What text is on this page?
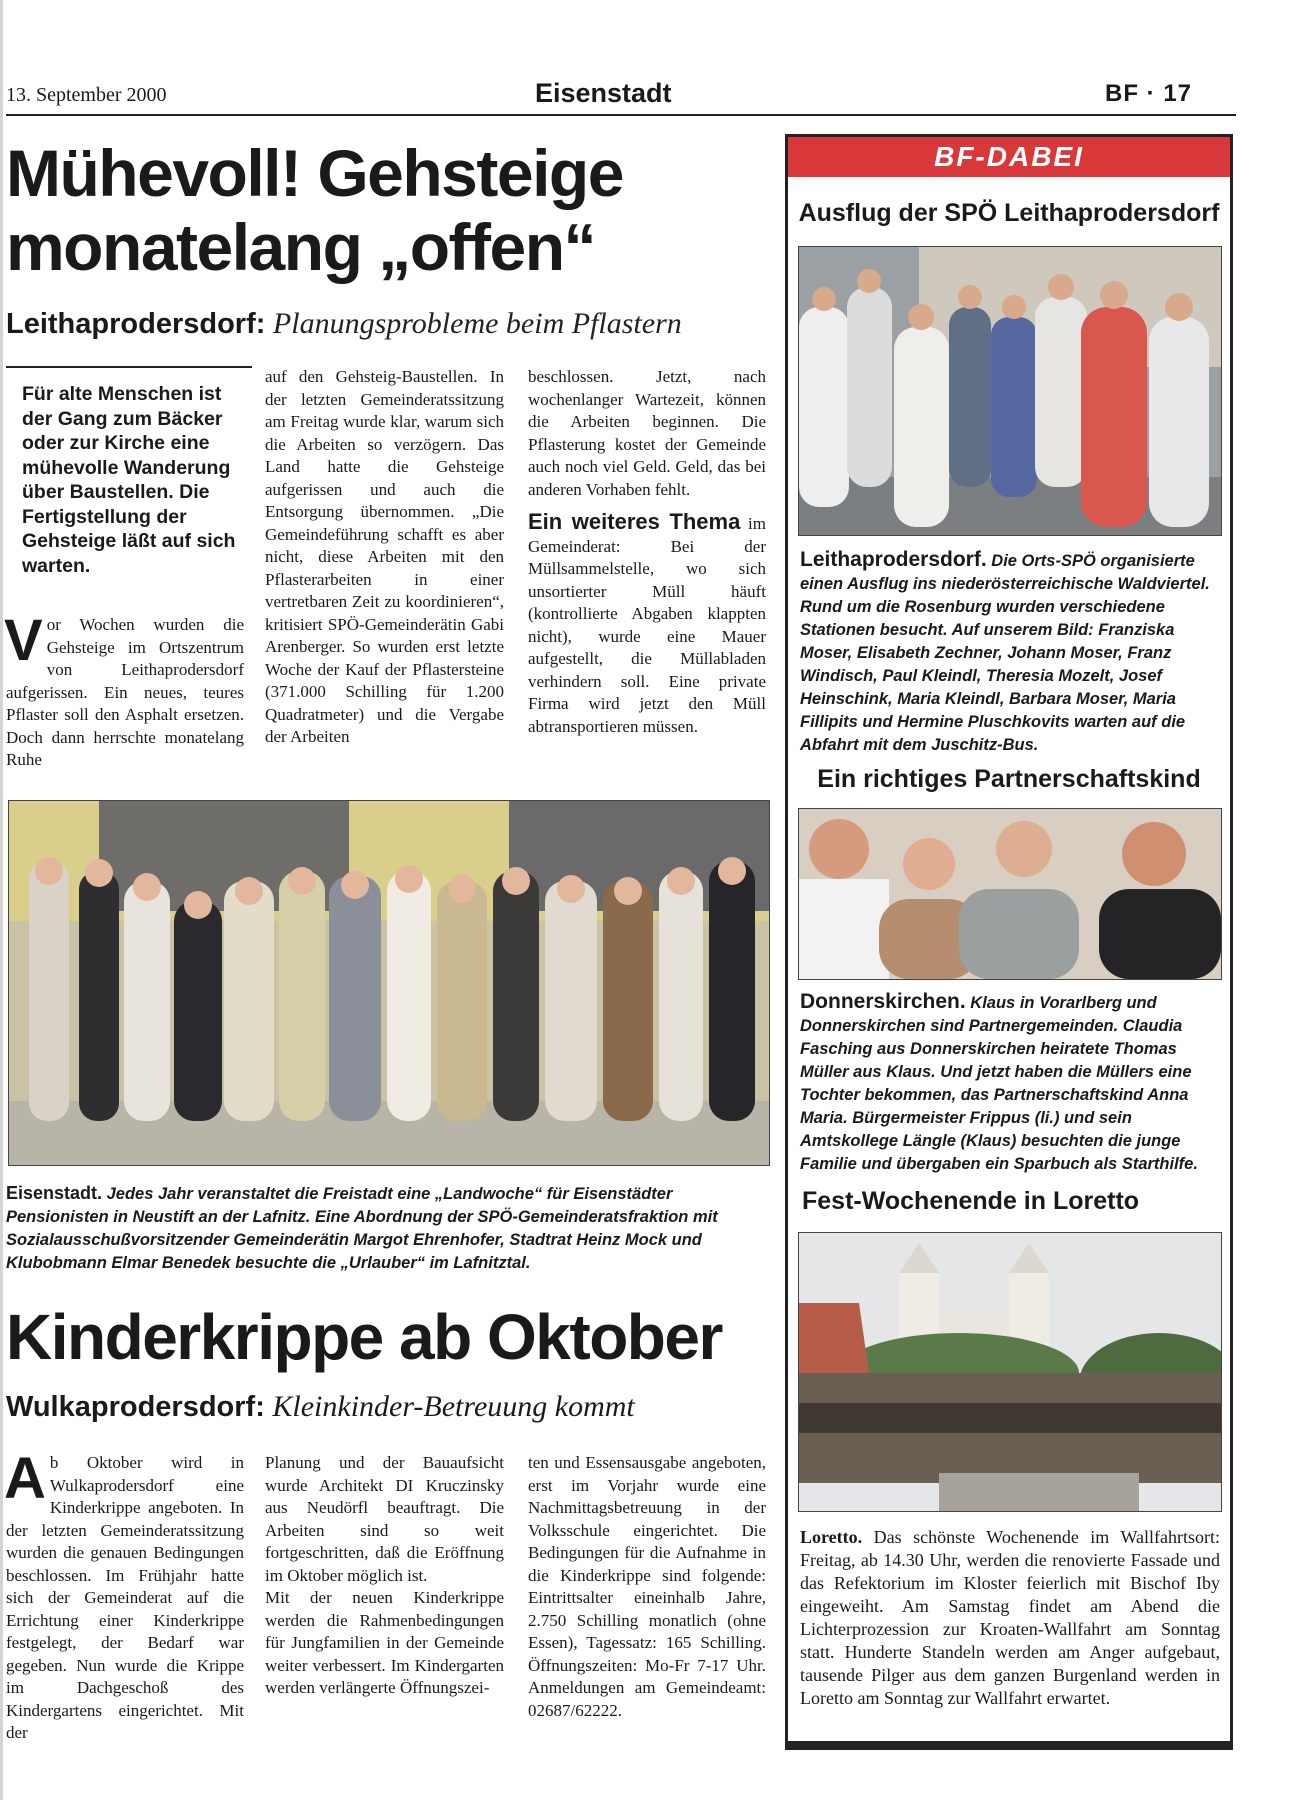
13. September 2000	Eisenstadt	BF · 17
Mühevoll! Gehsteige
monatelang „offen“
Leithaprodersdorf: Planungsprobleme beim Pflastern

Für alte Menschen ist der Gang zum Bäcker oder zur Kirche eine mühevolle Wanderung über Baustellen. Die Fertigstellung der Gehsteige läßt auf sich warten.

Vor Wochen wurden die Gehsteige im Ortszentrum von Leithaprodersdorf aufgerissen. Ein neues, teures Pflaster soll den Asphalt ersetzen. Doch dann herrschte monatelang Ruhe
auf den Gehsteig-Baustellen. In der letzten Gemeinderatssitzung am Freitag wurde klar, warum sich die Arbeiten so verzögern. Das Land hatte die Gehsteige aufgerissen und auch die Entsorgung übernommen. „Die Gemeindeführung schafft es aber nicht, diese Arbeiten mit den Pflasterarbeiten in einer vertretbaren Zeit zu koordinieren“, kritisiert SPÖ-Gemeinderätin Gabi Arenberger. So wurden erst letzte Woche der Kauf der Pflastersteine (371.000 Schilling für 1.200 Quadratmeter) und die Vergabe der Arbeiten

beschlossen. Jetzt, nach wochenlanger Wartezeit, können die Arbeiten beginnen. Die Pflasterung kostet der Gemeinde auch noch viel Geld. Geld, das bei anderen Vorhaben fehlt.

Ein weiteres Thema im Gemeinderat: Bei der Müllsammelstelle, wo sich unsortierter Müll häuft (kontrollierte Abgaben klappten nicht), wurde eine Mauer aufgestellt, die Müllabladen verhindern soll. Eine private Firma wird jetzt den Müll abtransportieren müssen.

Eisenstadt. Jedes Jahr veranstaltet die Freistadt eine „Landwoche“ für Eisenstädter Pensionisten in Neustift an der Lafnitz. Eine Abordnung der SPÖ-Gemeinderatsfraktion mit Sozialausschußvorsitzender Gemeinderätin Margot Ehrenhofer, Stadtrat Heinz Mock und Klubobmann Elmar Benedek besuchte die „Urlauber“ im Lafnitztal.

Kinderkrippe ab Oktober
Wulkaprodersdorf: Kleinkinder-Betreuung kommt
Ab Oktober wird in Wulkaprodersdorf eine Kinderkrippe angeboten. In der letzten Gemeinderatssitzung wurden die genauen Bedingungen beschlossen. Im Frühjahr hatte sich der Gemeinderat auf die Errichtung einer Kinderkrippe festgelegt, der Bedarf war gegeben. Nun wurde die Krippe im Dachgeschoß des Kindergartens eingerichtet. Mit der

Planung und der Bauaufsicht wurde Architekt DI Kruczinsky aus Neudörfl beauftragt. Die Arbeiten sind so weit fortgeschritten, daß die Eröffnung im Oktober möglich ist.

Mit der neuen Kinderkrippe werden die Rahmenbedingungen für Jungfamilien in der Gemeinde weiter verbessert. Im Kindergarten werden verlängerte Öffnungszei-

ten und Essensausgabe angeboten, erst im Vorjahr wurde eine Nachmittagsbetreuung in der Volksschule eingerichtet. Die Bedingungen für die Aufnahme in die Kinderkrippe sind folgende: Eintrittsalter eineinhalb Jahre, 2.750 Schilling monatlich (ohne Essen), Tagessatz: 165 Schilling. Öffnungszeiten: Mo-Fr 7-17 Uhr. Anmeldungen am Gemeindeamt: 02687/62222.
BF-DABEI
Ausflug der SPÖ Leithaprodersdorf

Leithaprodersdorf. Die Orts-SPÖ organisierte einen Ausflug ins niederösterreichische Waldviertel. Rund um die Rosenburg wurden verschiedene Stationen besucht. Auf unserem Bild: Franziska Moser, Elisabeth Zechner, Johann Moser, Franz Windisch, Paul Kleindl, Theresia Mozelt, Josef Heinschink, Maria Kleindl, Barbara Moser, Maria Fillipits und Hermine Pluschkovits warten auf die Abfahrt mit dem Juschitz-Bus.

Ein richtiges Partnerschaftskind

Donnerskirchen. Klaus in Vorarlberg und Donnerskirchen sind Partnergemeinden. Claudia Fasching aus Donnerskirchen heiratete Thomas Müller aus Klaus. Und jetzt haben die Müllers eine Tochter bekommen, das Partnerschaftskind Anna Maria. Bürgermeister Frippus (li.) und sein Amtskollege Längle (Klaus) besuchten die junge Familie und übergaben ein Sparbuch als Starthilfe.

Fest-Wochenende in Loretto

Loretto. Das schönste Wochenende im Wallfahrtsort: Freitag, ab 14.30 Uhr, werden die renovierte Fassade und das Refektorium im Kloster feierlich mit Bischof Iby eingeweiht. Am Samstag findet am Abend die Lichterprozession zur Kroaten-Wallfahrt am Sonntag statt. Hunderte Standeln werden am Anger aufgebaut, tausende Pilger aus dem ganzen Burgenland werden in Loretto am Sonntag zur Wallfahrt erwartet.
